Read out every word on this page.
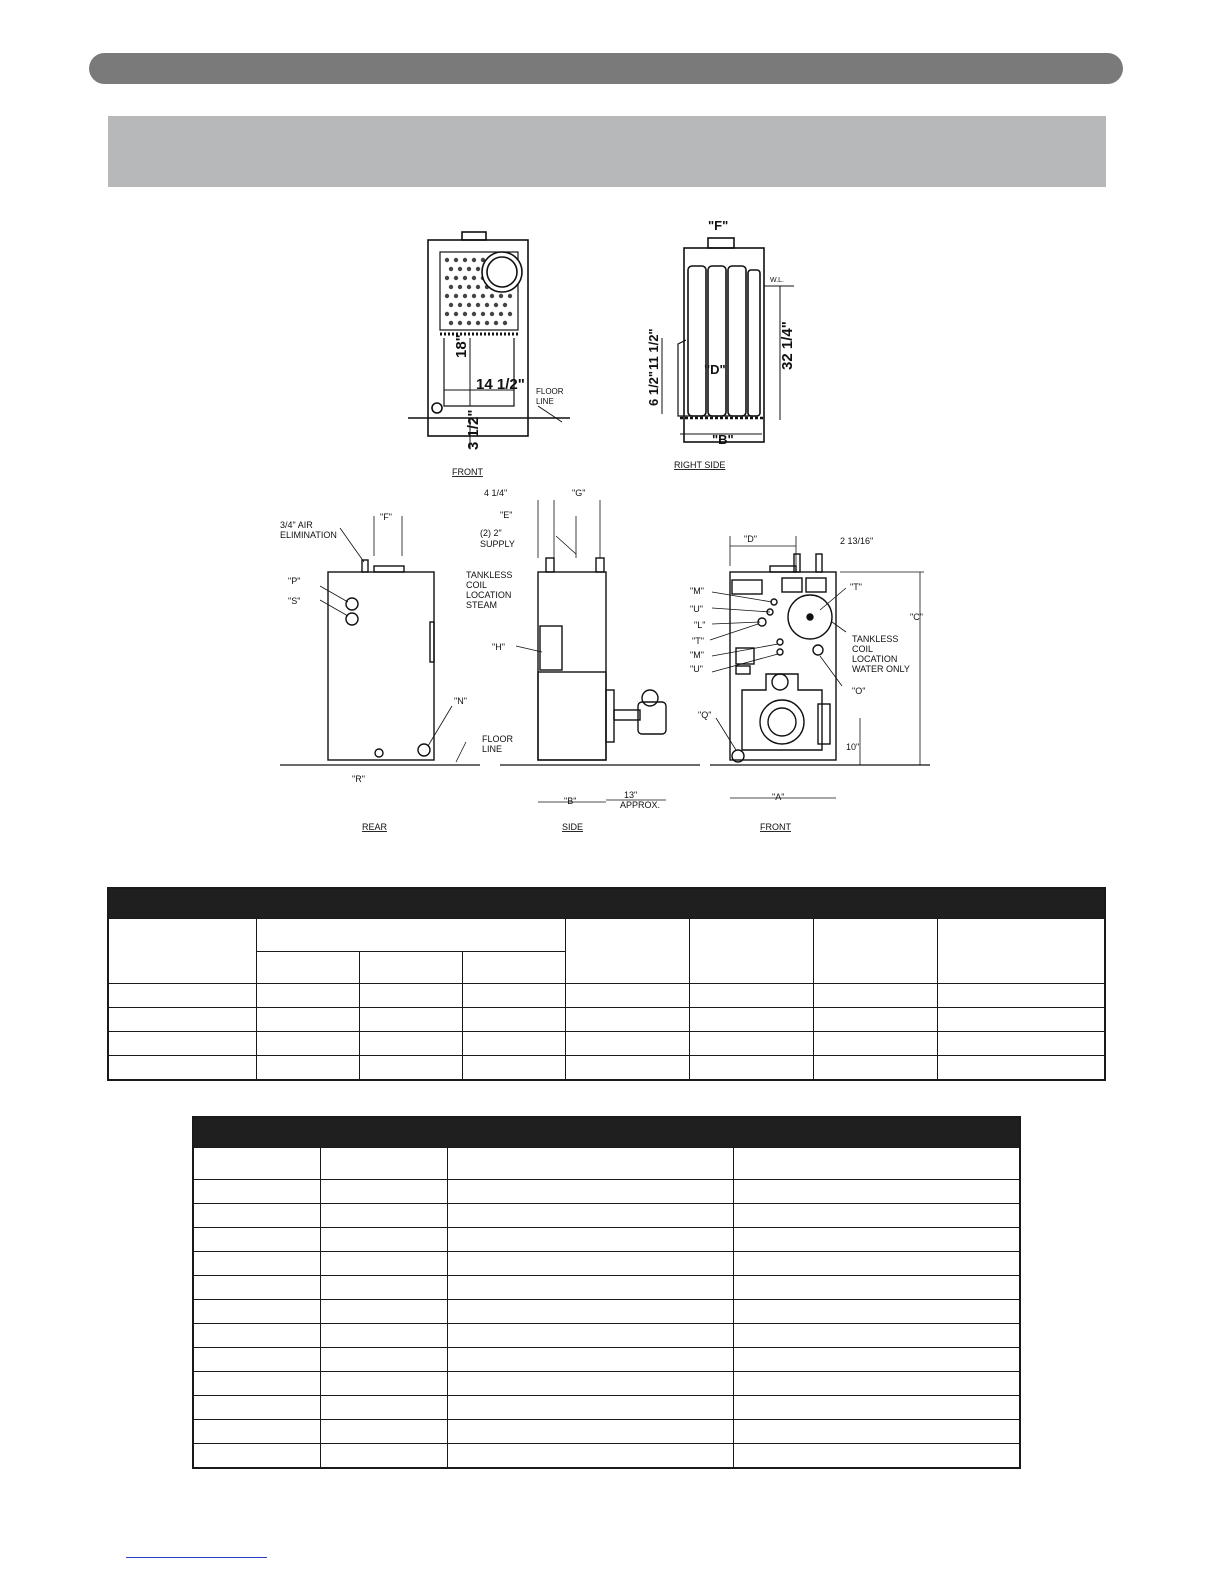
18"
14 1/2"
3 1/2"
FLOOR
LINE
FRONT
"F"
W.L.
32 1/4"
11 1/2"
6 1/2"
"D"
"B"
RIGHT SIDE
3/4" AIR
ELIMINATION
"F"
"P"
"S"
"N"
"R"
FLOOR
LINE
REAR
4 1/4"	"G"
"E"
(2) 2"
SUPPLY
TANKLESS
COIL
LOCATION
STEAM
"H"
"B"
13"
APPROX.
SIDE
"D"	2 13/16"
"M"
"U"
"L"
"T"
"M"
"U"
"T"
"C"
TANKLESS
COIL
LOCATION
WATER ONLY
"O"
"Q"
10"
"A"
FRONT
